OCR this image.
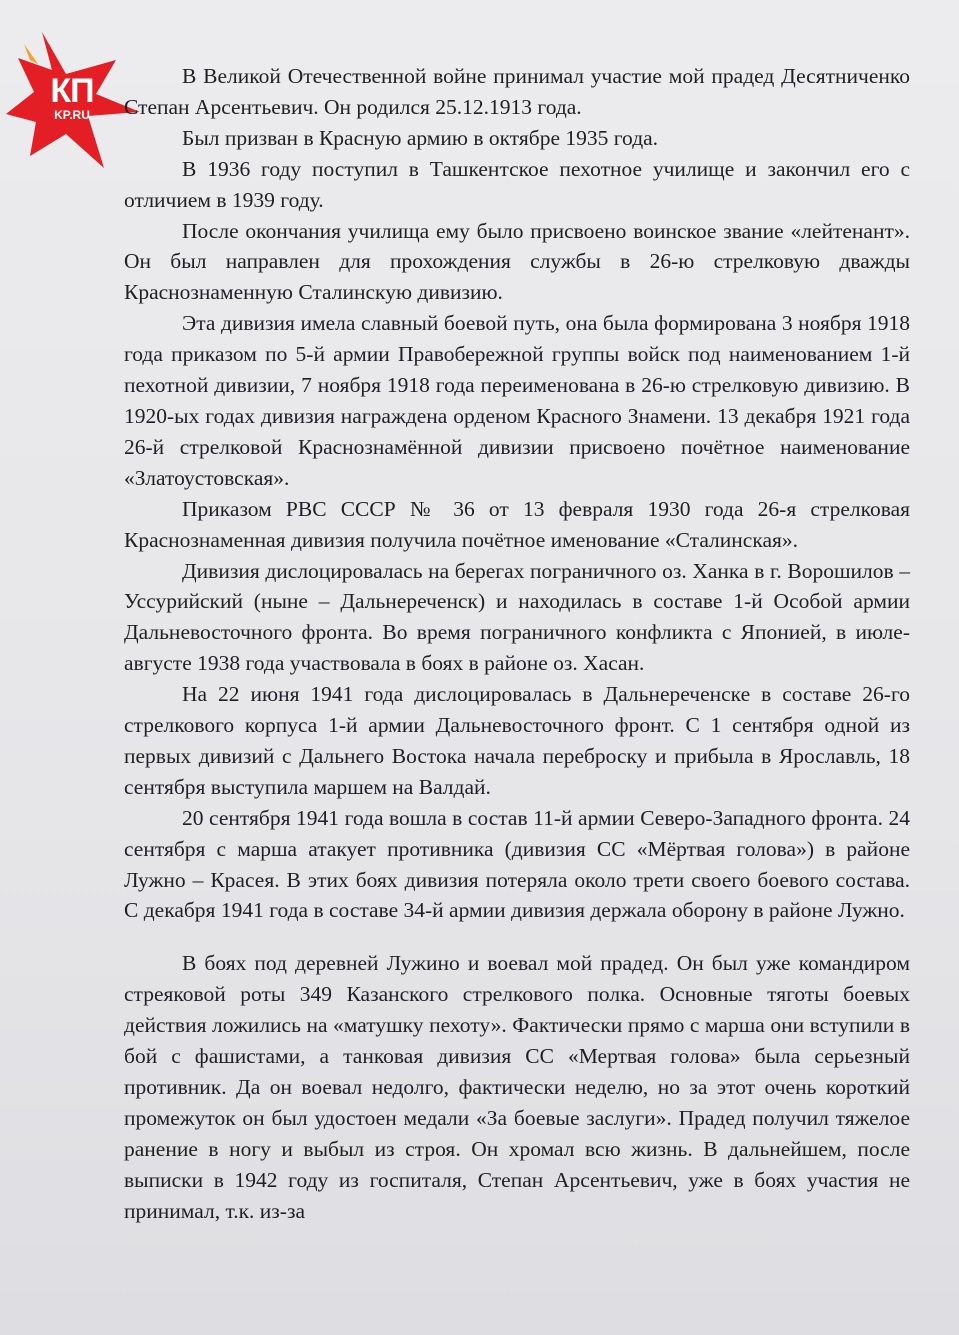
КП
KP.RU

В Великой Отечественной войне принимал участие мой прадед Десятниченко Степан Арсентьевич. Он родился 25.12.1913 года.

Был призван в Красную армию в октябре 1935 года.

В 1936 году поступил в Ташкентское пехотное училище и закончил его с отличием в 1939 году.

После окончания училища ему было присвоено воинское звание «лейтенант». Он был направлен для прохождения службы в 26-ю стрелковую дважды Краснознаменную Сталинскую дивизию.

Эта дивизия имела славный боевой путь, она была формирована 3 ноября 1918 года приказом по 5-й армии Правобережной группы войск под наименованием 1-й пехотной дивизии, 7 ноября 1918 года переименована в 26-ю стрелковую дивизию. В 1920-ых годах дивизия награждена орденом Красного Знамени. 13 декабря 1921 года 26-й стрелковой Краснознамённой дивизии присвоено почётное наименование «Златоустовская».

Приказом РВС СССР № 36 от 13 февраля 1930 года 26-я стрелковая Краснознаменная дивизия получила почётное именование «Сталинская».

Дивизия дислоцировалась на берегах пограничного оз. Ханка в г. Ворошилов – Уссурийский (ныне – Дальнереченск) и находилась в составе 1-й Особой армии Дальневосточного фронта. Во время пограничного конфликта с Японией, в июле-августе 1938 года участвовала в боях в районе оз. Хасан.

На 22 июня 1941 года дислоцировалась в Дальнереченске в составе 26-го стрелкового корпуса 1-й армии Дальневосточного фронт. С 1 сентября одной из первых дивизий с Дальнего Востока начала переброску и прибыла в Ярославль, 18 сентября выступила маршем на Валдай.

20 сентября 1941 года вошла в состав 11-й армии Северо-Западного фронта. 24 сентября с марша атакует противника (дивизия СС «Мёртвая голова») в районе Лужно – Красея. В этих боях дивизия потеряла около трети своего боевого состава. С декабря 1941 года в составе 34-й армии дивизия держала оборону в районе Лужно.

В боях под деревней Лужино и воевал мой прадед. Он был уже командиром стреяковой роты 349 Казанского стрелкового полка. Основные тяготы боевых действия ложились на «матушку пехоту». Фактически прямо с марша они вступили в бой с фашистами, а танковая дивизия СС «Мертвая голова» была серьезный противник. Да он воевал недолго, фактически неделю, но за этот очень короткий промежуток он был удостоен медали «За боевые заслуги». Прадед получил тяжелое ранение в ногу и выбыл из строя. Он хромал всю жизнь. В дальнейшем, после выписки в 1942 году из госпиталя, Степан Арсентьевич, уже в боях участия не принимал, т.к. из-за
